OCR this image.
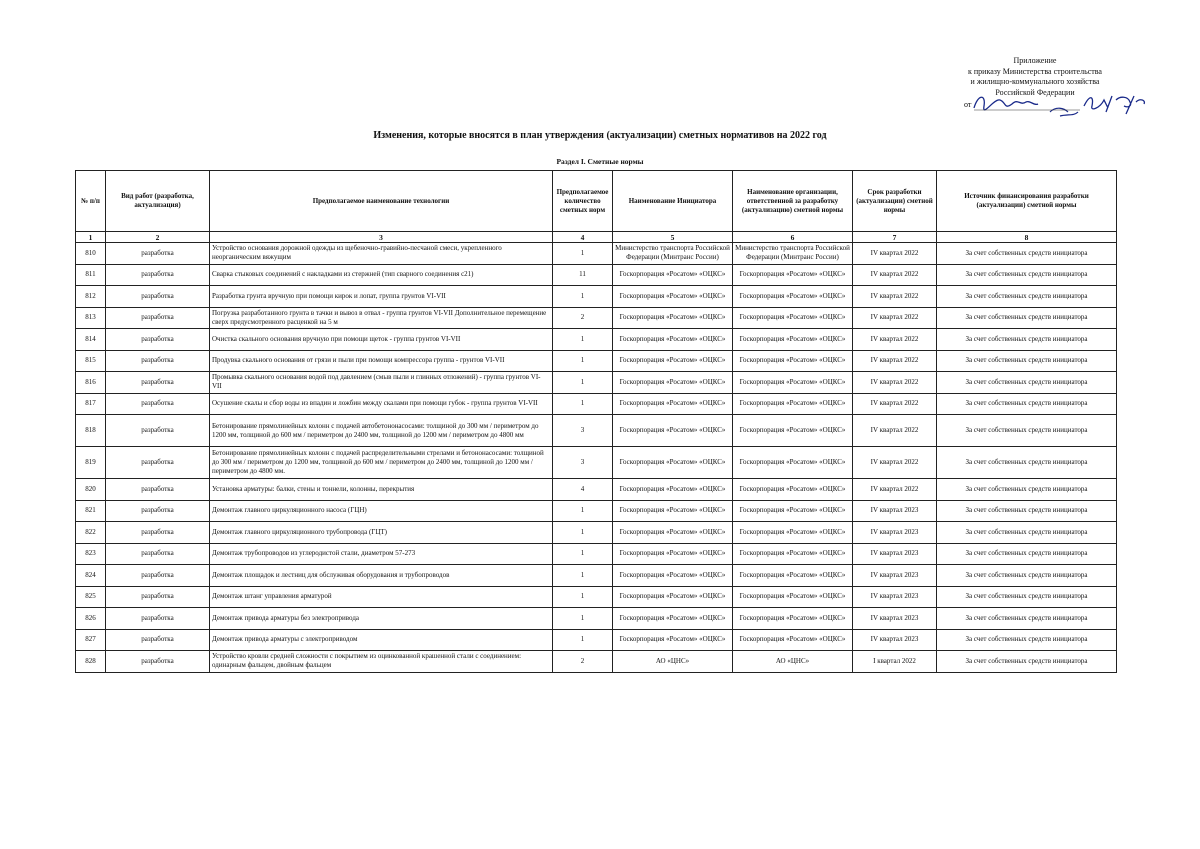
Приложение
к приказу Министерства строительства
и жилищно-коммунального хозяйства
Российской Федерации
от
Изменения, которые вносятся в план утверждения (актуализации) сметных нормативов на 2022 год
Раздел I. Сметные нормы
№ п/п	Вид работ (разработка, актуализация)	Предполагаемое наименование технологии	Предполагаемое количество сметных норм	Наименование Инициатора	Наименование организации, ответственной за разработку (актуализацию) сметной нормы	Срок разработки (актуализации) сметной нормы	Источник финансирования разработки (актуализации) сметной нормы
1	2	3	4	5	6	7	8
810	разработка	Устройство основания дорожной одежды из щебеночно-гравийно-песчаной смеси, укрепленного неорганическим вяжущим	1	Министерство транспорта Российской Федерации (Минтранс России)	Министерство транспорта Российской Федерации (Минтранс России)	IV квартал 2022	За счет собственных средств инициатора
811	разработка	Сварка стыковых соединений с накладками из стержней (тип сварного соединения с21)	11	Госкорпорация «Росатом» «ОЦКС»	Госкорпорация «Росатом» «ОЦКС»	IV квартал 2022	За счет собственных средств инициатора
812	разработка	Разработка грунта вручную при помощи кирок и лопат, группа грунтов VI-VII	1	Госкорпорация «Росатом» «ОЦКС»	Госкорпорация «Росатом» «ОЦКС»	IV квартал 2022	За счет собственных средств инициатора
813	разработка	Погрузка разработанного грунта в тачки и вывоз в отвал - группа грунтов VI-VII Дополнительное перемещение сверх предусмотренного расценкой на 5 м	2	Госкорпорация «Росатом» «ОЦКС»	Госкорпорация «Росатом» «ОЦКС»	IV квартал 2022	За счет собственных средств инициатора
814	разработка	Очистка скального основания вручную при помощи щеток - группа грунтов VI-VII	1	Госкорпорация «Росатом» «ОЦКС»	Госкорпорация «Росатом» «ОЦКС»	IV квартал 2022	За счет собственных средств инициатора
815	разработка	Продувка скального основания от грязи и пыли при помощи компрессора группа - грунтов VI-VII	1	Госкорпорация «Росатом» «ОЦКС»	Госкорпорация «Росатом» «ОЦКС»	IV квартал 2022	За счет собственных средств инициатора
816	разработка	Промывка скального основания водой под давлением (смыв пыли и глинных отложений) - группа грунтов VI-VII	1	Госкорпорация «Росатом» «ОЦКС»	Госкорпорация «Росатом» «ОЦКС»	IV квартал 2022	За счет собственных средств инициатора
817	разработка	Осушение скалы и сбор воды из впадин и ложбин между скалами при помощи губок - группа грунтов VI-VII	1	Госкорпорация «Росатом» «ОЦКС»	Госкорпорация «Росатом» «ОЦКС»	IV квартал 2022	За счет собственных средств инициатора
818	разработка	Бетонирование прямолинейных колонн с подачей автобетононасосами: толщиной до 300 мм / периметром до 1200 мм, толщиной до 600 мм / периметром до 2400 мм, толщиной до 1200 мм / периметром до 4800 мм	3	Госкорпорация «Росатом» «ОЦКС»	Госкорпорация «Росатом» «ОЦКС»	IV квартал 2022	За счет собственных средств инициатора
819	разработка	Бетонирование прямолинейных колонн с подачей распределительными стрелами и бетононасосами: толщиной до 300 мм / периметром до 1200 мм, толщиной до 600 мм / периметром до 2400 мм, толщиной до 1200 мм / периметром до 4800 мм.	3	Госкорпорация «Росатом» «ОЦКС»	Госкорпорация «Росатом» «ОЦКС»	IV квартал 2022	За счет собственных средств инициатора
820	разработка	Установка арматуры: балки, стены и тоннели, колонны, перекрытия	4	Госкорпорация «Росатом» «ОЦКС»	Госкорпорация «Росатом» «ОЦКС»	IV квартал 2022	За счет собственных средств инициатора
821	разработка	Демонтаж главного циркуляционного насоса (ГЦН)	1	Госкорпорация «Росатом» «ОЦКС»	Госкорпорация «Росатом» «ОЦКС»	IV квартал 2023	За счет собственных средств инициатора
822	разработка	Демонтаж главного циркуляционного трубопровода (ГЦТ)	1	Госкорпорация «Росатом» «ОЦКС»	Госкорпорация «Росатом» «ОЦКС»	IV квартал 2023	За счет собственных средств инициатора
823	разработка	Демонтаж трубопроводов из углеродистой стали, диаметром 57-273	1	Госкорпорация «Росатом» «ОЦКС»	Госкорпорация «Росатом» «ОЦКС»	IV квартал 2023	За счет собственных средств инициатора
824	разработка	Демонтаж площадок и лестниц для обслуживая оборудования и трубопроводов	1	Госкорпорация «Росатом» «ОЦКС»	Госкорпорация «Росатом» «ОЦКС»	IV квартал 2023	За счет собственных средств инициатора
825	разработка	Демонтаж штанг управления арматурой	1	Госкорпорация «Росатом» «ОЦКС»	Госкорпорация «Росатом» «ОЦКС»	IV квартал 2023	За счет собственных средств инициатора
826	разработка	Демонтаж привода арматуры без электропривода	1	Госкорпорация «Росатом» «ОЦКС»	Госкорпорация «Росатом» «ОЦКС»	IV квартал 2023	За счет собственных средств инициатора
827	разработка	Демонтаж привода арматуры с электроприводом	1	Госкорпорация «Росатом» «ОЦКС»	Госкорпорация «Росатом» «ОЦКС»	IV квартал 2023	За счет собственных средств инициатора
828	разработка	Устройство кровли средней сложности с покрытием из оцинкованной крашенной стали с соединением: одинарным фальцем, двойным фальцем	2	АО «ЦНС»	АО «ЦНС»	I квартал 2022	За счет собственных средств инициатора
